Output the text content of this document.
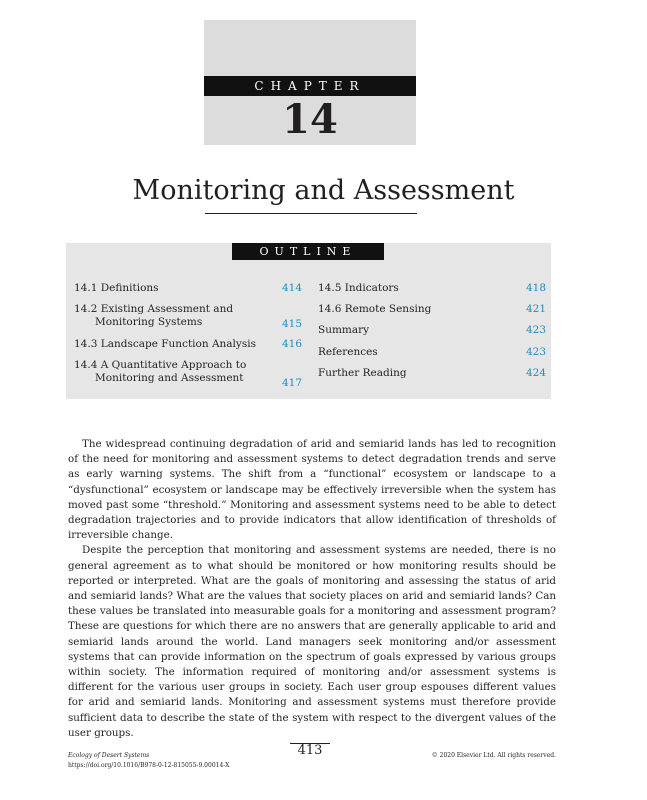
CHAPTER
14
Monitoring and Assessment
OUTLINE
14.1 Definitions	414
14.2 Existing Assessment and
Monitoring Systems	415
14.3 Landscape Function Analysis	416
14.4 A Quantitative Approach to
Monitoring and Assessment	417
14.5 Indicators	418
14.6 Remote Sensing	421
Summary	423
References	423
Further Reading	424

The widespread continuing degradation of arid and semiarid lands has led to recognition of the need for monitoring and assessment systems to detect degradation trends and serve as early warning systems. The shift from a “functional” ecosystem or landscape to a “dysfunctional” ecosystem or landscape may be effectively irreversible when the system has moved past some “threshold.” Monitoring and assessment systems need to be able to detect degradation trajectories and to provide indicators that allow identification of thresholds of irreversible change.

Despite the perception that monitoring and assessment systems are needed, there is no general agreement as to what should be monitored or how monitoring results should be reported or interpreted. What are the goals of monitoring and assessing the status of arid and semiarid lands? What are the values that society places on arid and semiarid lands? Can these values be translated into measurable goals for a monitoring and assessment program? These are questions for which there are no answers that are generally applicable to arid and semiarid lands around the world. Land managers seek monitoring and/or assessment systems that can provide information on the spectrum of goals expressed by various groups within society. The information required of monitoring and/or assessment systems is different for the various user groups in society. Each user group espouses different values for arid and semiarid lands. Monitoring and assessment systems must therefore provide sufficient data to describe the state of the system with respect to the divergent values of the user groups.

413
Ecology of Desert Systems
https://doi.org/10.1016/B978-0-12-815055-9.00014-X
© 2020 Elsevier Ltd. All rights reserved.
